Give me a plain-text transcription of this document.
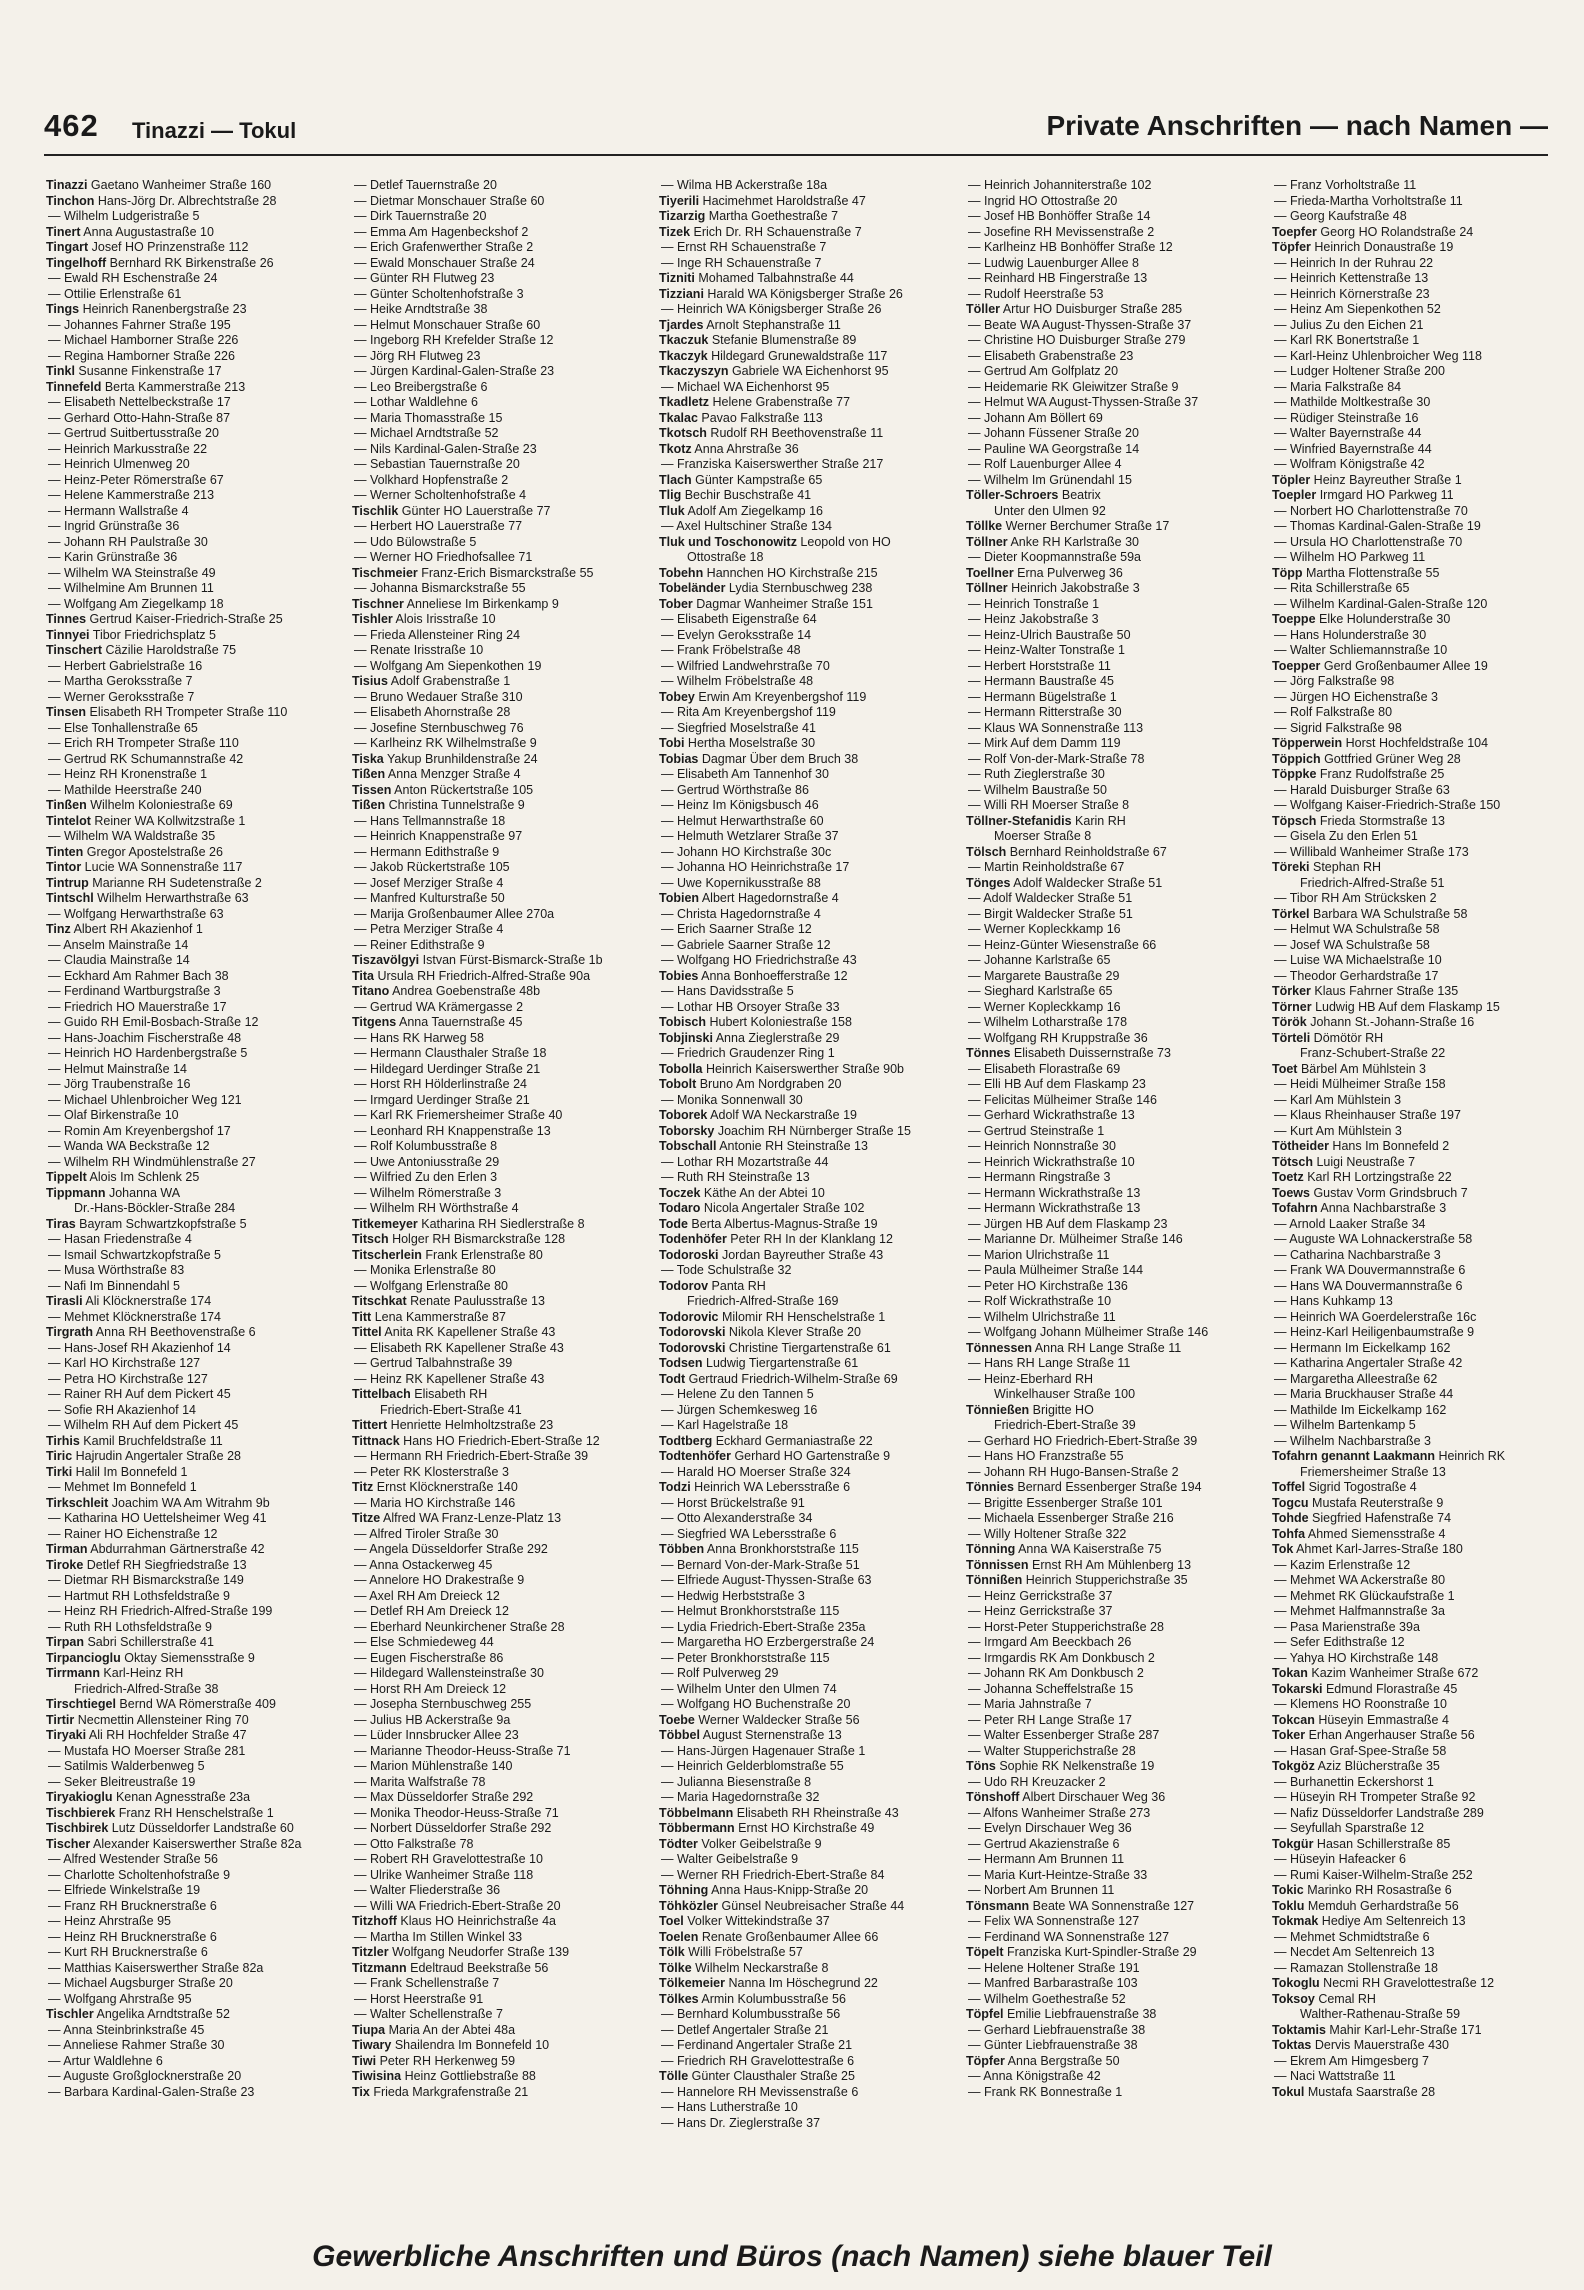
462 Tinazzi — Tokul	Private Anschriften — nach Namen —
Tinazzi Gaetano Wanheimer Straße 160
Tinchon Hans-Jörg Dr. Albrechtstraße 28
— Wilhelm Ludgeristraße 5
Tinert Anna Augustastraße 10
Tingart Josef HO Prinzenstraße 112
Tingelhoff Bernhard RK Birkenstraße 26
— Ewald RH Eschenstraße 24
— Ottilie Erlenstraße 61
Tings Heinrich Ranenbergstraße 23
— Johannes Fahrner Straße 195
— Michael Hamborner Straße 226
— Regina Hamborner Straße 226
Tinkl Susanne Finkenstraße 17
Tinnefeld Berta Kammerstraße 213
— Elisabeth Nettelbeckstraße 17
— Gerhard Otto-Hahn-Straße 87
— Gertrud Suitbertusstraße 20
— Heinrich Markusstraße 22
— Heinrich Ulmenweg 20
— Heinz-Peter Römerstraße 67
— Helene Kammerstraße 213
— Hermann Wallstraße 4
— Ingrid Grünstraße 36
— Johann RH Paulstraße 30
— Karin Grünstraße 36
— Wilhelm WA Steinstraße 49
— Wilhelmine Am Brunnen 11
— Wolfgang Am Ziegelkamp 18
Tinnes Gertrud Kaiser-Friedrich-Straße 25
Tinnyei Tibor Friedrichsplatz 5
Tinschert Cäzilie Haroldstraße 75
— Herbert Gabrielstraße 16
— Martha Geroksstraße 7
— Werner Geroksstraße 7
Tinsen Elisabeth RH Trompeter Straße 110
— Else Tonhallenstraße 65
— Erich RH Trompeter Straße 110
— Gertrud RK Schumannstraße 42
— Heinz RH Kronenstraße 1
— Mathilde Heerstraße 240
Tinßen Wilhelm Koloniestraße 69
Tintelot Reiner WA Kollwitzstraße 1
— Wilhelm WA Waldstraße 35
Tinten Gregor Apostelstraße 26
Tintor Lucie WA Sonnenstraße 117
Tintrup Marianne RH Sudetenstraße 2
Tintschl Wilhelm Herwarthstraße 63
— Wolfgang Herwarthstraße 63
Tinz Albert RH Akazienhof 1
— Anselm Mainstraße 14
— Claudia Mainstraße 14
— Eckhard Am Rahmer Bach 38
— Ferdinand Wartburgstraße 3
— Friedrich HO Mauerstraße 17
— Guido RH Emil-Bosbach-Straße 12
— Hans-Joachim Fischerstraße 48
— Heinrich HO Hardenbergstraße 5
— Helmut Mainstraße 14
— Jörg Traubenstraße 16
— Michael Uhlenbroicher Weg 121
— Olaf Birkenstraße 10
— Romin Am Kreyenbergshof 17
— Wanda WA Beckstraße 12
— Wilhelm RH Windmühlenstraße 27
Tippelt Alois Im Schlenk 25
Tippmann Johanna WA
Dr.-Hans-Böckler-Straße 284
Tiras Bayram Schwartzkopfstraße 5
— Hasan Friedenstraße 4
— Ismail Schwartzkopfstraße 5
— Musa Wörthstraße 83
— Nafi Im Binnendahl 5
Tirasli Ali Klöcknerstraße 174
— Mehmet Klöcknerstraße 174
Tirgrath Anna RH Beethovenstraße 6
— Hans-Josef RH Akazienhof 14
— Karl HO Kirchstraße 127
— Petra HO Kirchstraße 127
— Rainer RH Auf dem Pickert 45
— Sofie RH Akazienhof 14
— Wilhelm RH Auf dem Pickert 45
Tirhis Kamil Bruchfeldstraße 11
Tiric Hajrudin Angertaler Straße 28
Tirki Halil Im Bonnefeld 1
— Mehmet Im Bonnefeld 1
Tirkschleit Joachim WA Am Witrahm 9b
— Katharina HO Uettelsheimer Weg 41
— Rainer HO Eichenstraße 12
Tirman Abdurrahman Gärtnerstraße 42
Tiroke Detlef RH Siegfriedstraße 13
— Dietmar RH Bismarckstraße 149
— Hartmut RH Lothsfeldstraße 9
— Heinz RH Friedrich-Alfred-Straße 199
— Ruth RH Lothsfeldstraße 9
Tirpan Sabri Schillerstraße 41
Tirpancioglu Oktay Siemensstraße 9
Tirrmann Karl-Heinz RH
Friedrich-Alfred-Straße 38
Tirschtiegel Bernd WA Römerstraße 409
Tirtir Necmettin Allensteiner Ring 70
Tiryaki Ali RH Hochfelder Straße 47
— Mustafa HO Moerser Straße 281
— Satilmis Walderbenweg 5
— Seker Bleitreustraße 19
Tiryakioglu Kenan Agnesstraße 23a
Tischbierek Franz RH Henschelstraße 1
Tischbirek Lutz Düsseldorfer Landstraße 60
Tischer Alexander Kaiserswerther Straße 82a
— Alfred Westender Straße 56
— Charlotte Scholtenhofstraße 9
— Elfriede Winkelstraße 19
— Franz RH Brucknerstraße 6
— Heinz Ahrstraße 95
— Heinz RH Brucknerstraße 6
— Kurt RH Brucknerstraße 6
— Matthias Kaiserswerther Straße 82a
— Michael Augsburger Straße 20
— Wolfgang Ahrstraße 95
Tischler Angelika Arndtstraße 52
— Anna Steinbrinkstraße 45
— Anneliese Rahmer Straße 30
— Artur Waldlehne 6
— Auguste Großglocknerstraße 20
— Barbara Kardinal-Galen-Straße 23
— Detlef Tauernstraße 20
— Dietmar Monschauer Straße 60
— Dirk Tauernstraße 20
— Emma Am Hagenbeckshof 2
— Erich Grafenwerther Straße 2
— Ewald Monschauer Straße 24
— Günter RH Flutweg 23
— Günter Scholtenhofstraße 3
— Heike Arndtstraße 38
— Helmut Monschauer Straße 60
— Ingeborg RH Krefelder Straße 12
— Jörg RH Flutweg 23
— Jürgen Kardinal-Galen-Straße 23
— Leo Breibergstraße 6
— Lothar Waldlehne 6
— Maria Thomasstraße 15
— Michael Arndtstraße 52
— Nils Kardinal-Galen-Straße 23
— Sebastian Tauernstraße 20
— Volkhard Hopfenstraße 2
— Werner Scholtenhofstraße 4
Tischlik Günter HO Lauerstraße 77
— Herbert HO Lauerstraße 77
— Udo Bülowstraße 5
— Werner HO Friedhofsallee 71
Tischmeier Franz-Erich Bismarckstraße 55
— Johanna Bismarckstraße 55
Tischner Anneliese Im Birkenkamp 9
Tishler Alois Irisstraße 10
— Frieda Allensteiner Ring 24
— Renate Irisstraße 10
— Wolfgang Am Siepenkothen 19
Tisius Adolf Grabenstraße 1
— Bruno Wedauer Straße 310
— Elisabeth Ahornstraße 28
— Josefine Sternbuschweg 76
— Karlheinz RK Wilhelmstraße 9
Tiska Yakup Brunhildenstraße 24
Tißen Anna Menzger Straße 4
Tissen Anton Rückertstraße 105
Tißen Christina Tunnelstraße 9
— Hans Tellmannstraße 18
— Heinrich Knappenstraße 97
— Hermann Edithstraße 9
— Jakob Rückertstraße 105
— Josef Merziger Straße 4
— Manfred Kulturstraße 50
— Marija Großenbaumer Allee 270a
— Petra Merziger Straße 4
— Reiner Edithstraße 9
Tiszavölgyi Istvan Fürst-Bismarck-Straße 1b
Tita Ursula RH Friedrich-Alfred-Straße 90a
Titano Andrea Goebenstraße 48b
— Gertrud WA Krämergasse 2
Titgens Anna Tauernstraße 45
— Hans RK Harweg 58
— Hermann Clausthaler Straße 18
— Hildegard Uerdinger Straße 21
— Horst RH Hölderlinstraße 24
— Irmgard Uerdinger Straße 21
— Karl RK Friemersheimer Straße 40
— Leonhard RH Knappenstraße 13
— Rolf Kolumbusstraße 8
— Uwe Antoniusstraße 29
— Wilfried Zu den Erlen 3
— Wilhelm Römerstraße 3
— Wilhelm RH Wörthstraße 4
Titkemeyer Katharina RH Siedlerstraße 8
Titsch Holger RH Bismarckstraße 128
Titscherlein Frank Erlenstraße 80
— Monika Erlenstraße 80
— Wolfgang Erlenstraße 80
Titschkat Renate Paulusstraße 13
Titt Lena Kammerstraße 87
Tittel Anita RK Kapellener Straße 43
— Elisabeth RK Kapellener Straße 43
— Gertrud Talbahnstraße 39
— Heinz RK Kapellener Straße 43
Tittelbach Elisabeth RH
Friedrich-Ebert-Straße 41
Tittert Henriette Helmholtzstraße 23
Tittnack Hans HO Friedrich-Ebert-Straße 12
— Hermann RH Friedrich-Ebert-Straße 39
— Peter RK Klosterstraße 3
Titz Ernst Klöcknerstraße 140
— Maria HO Kirchstraße 146
Titze Alfred WA Franz-Lenze-Platz 13
— Alfred Tiroler Straße 30
— Angela Düsseldorfer Straße 292
— Anna Ostackerweg 45
— Annelore HO Drakestraße 9
— Axel RH Am Dreieck 12
— Detlef RH Am Dreieck 12
— Eberhard Neunkirchener Straße 28
— Else Schmiedeweg 44
— Eugen Fischerstraße 86
— Hildegard Wallensteinstraße 30
— Horst RH Am Dreieck 12
— Josepha Sternbuschweg 255
— Julius HB Ackerstraße 9a
— Lüder Innsbrucker Allee 23
— Marianne Theodor-Heuss-Straße 71
— Marion Mühlenstraße 140
— Marita Walfstraße 78
— Max Düsseldorfer Straße 292
— Monika Theodor-Heuss-Straße 71
— Norbert Düsseldorfer Straße 292
— Otto Falkstraße 78
— Robert RH Gravelottestraße 10
— Ulrike Wanheimer Straße 118
— Walter Fliederstraße 36
— Willi WA Friedrich-Ebert-Straße 20
Titzhoff Klaus HO Heinrichstraße 4a
— Martha Im Stillen Winkel 33
Titzler Wolfgang Neudorfer Straße 139
Titzmann Edeltraud Beekstraße 56
— Frank Schellenstraße 7
— Horst Heerstraße 91
— Walter Schellenstraße 7
Tiupa Maria An der Abtei 48a
Tiwary Shailendra Im Bonnefeld 10
Tiwi Peter RH Herkenweg 59
Tiwisina Heinz Gottliebstraße 88
Tix Frieda Markgrafenstraße 21
— Wilma HB Ackerstraße 18a
Tiyerili Hacimehmet Haroldstraße 47
Tizarzig Martha Goethestraße 7
Tizek Erich Dr. RH Schauenstraße 7
— Ernst RH Schauenstraße 7
— Inge RH Schauenstraße 7
Tizniti Mohamed Talbahnstraße 44
Tizziani Harald WA Königsberger Straße 26
— Heinrich WA Königsberger Straße 26
Tjardes Arnolt Stephanstraße 11
Tkaczuk Stefanie Blumenstraße 89
Tkaczyk Hildegard Grunewaldstraße 117
Tkaczyszyn Gabriele WA Eichenhorst 95
— Michael WA Eichenhorst 95
Tkadletz Helene Grabenstraße 77
Tkalac Pavao Falkstraße 113
Tkotsch Rudolf RH Beethovenstraße 11
Tkotz Anna Ahrstraße 36
— Franziska Kaiserswerther Straße 217
Tlach Günter Kampstraße 65
Tlig Bechir Buschstraße 41
Tluk Adolf Am Ziegelkamp 16
— Axel Hultschiner Straße 134
Tluk und Toschonowitz Leopold von HO
Ottostraße 18
Tobehn Hannchen HO Kirchstraße 215
Tobeländer Lydia Sternbuschweg 238
Tober Dagmar Wanheimer Straße 151
— Elisabeth Eigenstraße 64
— Evelyn Geroksstraße 14
— Frank Fröbelstraße 48
— Wilfried Landwehrstraße 70
— Wilhelm Fröbelstraße 48
Tobey Erwin Am Kreyenbergshof 119
— Rita Am Kreyenbergshof 119
— Siegfried Moselstraße 41
Tobi Hertha Moselstraße 30
Tobias Dagmar Über dem Bruch 38
— Elisabeth Am Tannenhof 30
— Gertrud Wörthstraße 86
— Heinz Im Königsbusch 46
— Helmut Herwarthstraße 60
— Helmuth Wetzlarer Straße 37
— Johann HO Kirchstraße 30c
— Johanna HO Heinrichstraße 17
— Uwe Kopernikusstraße 88
Tobien Albert Hagedornstraße 4
— Christa Hagedornstraße 4
— Erich Saarner Straße 12
— Gabriele Saarner Straße 12
— Wolfgang HO Friedrichstraße 43
Tobies Anna Bonhoefferstraße 12
— Hans Davidsstraße 5
— Lothar HB Orsoyer Straße 33
Tobisch Hubert Koloniestraße 158
Tobjinski Anna Zieglerstraße 29
— Friedrich Graudenzer Ring 1
Tobolla Heinrich Kaiserswerther Straße 90b
Tobolt Bruno Am Nordgraben 20
— Monika Sonnenwall 30
Toborek Adolf WA Neckarstraße 19
Toborsky Joachim RH Nürnberger Straße 15
Tobschall Antonie RH Steinstraße 13
— Lothar RH Mozartstraße 44
— Ruth RH Steinstraße 13
Toczek Käthe An der Abtei 10
Todaro Nicola Angertaler Straße 102
Tode Berta Albertus-Magnus-Straße 19
Todenhöfer Peter RH In der Klanklang 12
Todoroski Jordan Bayreuther Straße 43
— Tode Schulstraße 32
Todorov Panta RH
Friedrich-Alfred-Straße 169
Todorovic Milomir RH Henschelstraße 1
Todorovski Nikola Klever Straße 20
Todorovski Christine Tiergartenstraße 61
Todsen Ludwig Tiergartenstraße 61
Todt Gertraud Friedrich-Wilhelm-Straße 69
— Helene Zu den Tannen 5
— Jürgen Schemkesweg 16
— Karl Hagelstraße 18
Todtberg Eckhard Germaniastraße 22
Todtenhöfer Gerhard HO Gartenstraße 9
— Harald HO Moerser Straße 324
Todzi Heinrich WA Lebersstraße 6
— Horst Brückelstraße 91
— Otto Alexanderstraße 34
— Siegfried WA Lebersstraße 6
Többen Anna Bronkhorststraße 115
— Bernard Von-der-Mark-Straße 51
— Elfriede August-Thyssen-Straße 63
— Hedwig Herbststraße 3
— Helmut Bronkhorststraße 115
— Lydia Friedrich-Ebert-Straße 235a
— Margaretha HO Erzbergerstraße 24
— Peter Bronkhorststraße 115
— Rolf Pulverweg 29
— Wilhelm Unter den Ulmen 74
— Wolfgang HO Buchenstraße 20
Toebe Werner Waldecker Straße 56
Többel August Sternenstraße 13
— Hans-Jürgen Hagenauer Straße 1
— Heinrich Gelderblomstraße 55
— Julianna Biesenstraße 8
— Maria Hagedornstraße 32
Többelmann Elisabeth RH Rheinstraße 43
Többermann Ernst HO Kirchstraße 49
Tödter Volker Geibelstraße 9
— Walter Geibelstraße 9
— Werner RH Friedrich-Ebert-Straße 84
Töhning Anna Haus-Knipp-Straße 20
Töhközler Günsel Neubreisacher Straße 44
Toel Volker Wittekindstraße 37
Toelen Renate Großenbaumer Allee 66
Tölk Willi Fröbelstraße 57
Tölke Wilhelm Neckarstraße 8
Tölkemeier Nanna Im Höschegrund 22
Tölkes Armin Kolumbusstraße 56
— Bernhard Kolumbusstraße 56
— Detlef Angertaler Straße 21
— Ferdinand Angertaler Straße 21
— Friedrich RH Gravelottestraße 6
Tölle Günter Clausthaler Straße 25
— Hannelore RH Mevissenstraße 6
— Hans Lutherstraße 10
— Hans Dr. Zieglerstraße 37
— Heinrich Johanniterstraße 102
— Ingrid HO Ottostraße 20
— Josef HB Bonhöffer Straße 14
— Josefine RH Mevissenstraße 2
— Karlheinz HB Bonhöffer Straße 12
— Ludwig Lauenburger Allee 8
— Reinhard HB Fingerstraße 13
— Rudolf Heerstraße 53
Töller Artur HO Duisburger Straße 285
— Beate WA August-Thyssen-Straße 37
— Christine HO Duisburger Straße 279
— Elisabeth Grabenstraße 23
— Gertrud Am Golfplatz 20
— Heidemarie RK Gleiwitzer Straße 9
— Helmut WA August-Thyssen-Straße 37
— Johann Am Böllert 69
— Johann Füssener Straße 20
— Pauline WA Georgstraße 14
— Rolf Lauenburger Allee 4
— Wilhelm Im Grünendahl 15
Töller-Schroers Beatrix
Unter den Ulmen 92
Töllke Werner Berchumer Straße 17
Töllner Anke RH Karlstraße 30
— Dieter Koopmannstraße 59a
Toellner Erna Pulverweg 36
Töllner Heinrich Jakobstraße 3
— Heinrich Tonstraße 1
— Heinz Jakobstraße 3
— Heinz-Ulrich Baustraße 50
— Heinz-Walter Tonstraße 1
— Herbert Horststraße 11
— Hermann Baustraße 45
— Hermann Bügelstraße 1
— Hermann Ritterstraße 30
— Klaus WA Sonnenstraße 113
— Mirk Auf dem Damm 119
— Rolf Von-der-Mark-Straße 78
— Ruth Zieglerstraße 30
— Wilhelm Baustraße 50
— Willi RH Moerser Straße 8
Töllner-Stefanidis Karin RH
Moerser Straße 8
Tölsch Bernhard Reinholdstraße 67
— Martin Reinholdstraße 67
Tönges Adolf Waldecker Straße 51
— Adolf Waldecker Straße 51
— Birgit Waldecker Straße 51
— Werner Kopleckkamp 16
— Heinz-Günter Wiesenstraße 66
— Johanne Karlstraße 65
— Margarete Baustraße 29
— Sieghard Karlstraße 65
— Werner Kopleckkamp 16
— Wilhelm Lotharstraße 178
— Wolfgang RH Kruppstraße 36
Tönnes Elisabeth Duissernstraße 73
— Elisabeth Florastraße 69
— Elli HB Auf dem Flaskamp 23
— Felicitas Mülheimer Straße 146
— Gerhard Wickrathstraße 13
— Gertrud Steinstraße 1
— Heinrich Nonnstraße 30
— Heinrich Wickrathstraße 10
— Hermann Ringstraße 3
— Hermann Wickrathstraße 13
— Hermann Wickrathstraße 13
— Jürgen HB Auf dem Flaskamp 23
— Marianne Dr. Mülheimer Straße 146
— Marion Ulrichstraße 11
— Paula Mülheimer Straße 144
— Peter HO Kirchstraße 136
— Rolf Wickrathstraße 10
— Wilhelm Ulrichstraße 11
— Wolfgang Johann Mülheimer Straße 146
Tönnessen Anna RH Lange Straße 11
— Hans RH Lange Straße 11
— Heinz-Eberhard RH
Winkelhauser Straße 100
Tönnießen Brigitte HO
Friedrich-Ebert-Straße 39
— Gerhard HO Friedrich-Ebert-Straße 39
— Hans HO Franzstraße 55
— Johann RH Hugo-Bansen-Straße 2
Tönnies Bernard Essenberger Straße 194
— Brigitte Essenberger Straße 101
— Michaela Essenberger Straße 216
— Willy Holtener Straße 322
Tönning Anna WA Kaiserstraße 75
Tönnissen Ernst RH Am Mühlenberg 13
Tönnißen Heinrich Stupperichstraße 35
— Heinz Gerrickstraße 37
— Heinz Gerrickstraße 37
— Horst-Peter Stupperichstraße 28
— Irmgard Am Beeckbach 26
— Irmgardis RK Am Donkbusch 2
— Johann RK Am Donkbusch 2
— Johanna Scheffelstraße 15
— Maria Jahnstraße 7
— Peter RH Lange Straße 17
— Walter Essenberger Straße 287
— Walter Stupperichstraße 28
Töns Sophie RK Nelkenstraße 19
— Udo RH Kreuzacker 2
Tönshoff Albert Dirschauer Weg 36
— Alfons Wanheimer Straße 273
— Evelyn Dirschauer Weg 36
— Gertrud Akazienstraße 6
— Hermann Am Brunnen 11
— Maria Kurt-Heintze-Straße 33
— Norbert Am Brunnen 11
Tönsmann Beate WA Sonnenstraße 127
— Felix WA Sonnenstraße 127
— Ferdinand WA Sonnenstraße 127
Töpelt Franziska Kurt-Spindler-Straße 29
— Helene Holtener Straße 191
— Manfred Barbarastraße 103
— Wilhelm Goethestraße 52
Töpfel Emilie Liebfrauenstraße 38
— Gerhard Liebfrauenstraße 38
— Günter Liebfrauenstraße 38
Töpfer Anna Bergstraße 50
— Anna Königstraße 42
— Frank RK Bonnestraße 1
— Franz Vorholtstraße 11
— Frieda-Martha Vorholtstraße 11
— Georg Kaufstraße 48
Toepfer Georg HO Rolandstraße 24
Töpfer Heinrich Donaustraße 19
— Heinrich In der Ruhrau 22
— Heinrich Kettenstraße 13
— Heinrich Körnerstraße 23
— Heinz Am Siepenkothen 52
— Julius Zu den Eichen 21
— Karl RK Bonertstraße 1
— Karl-Heinz Uhlenbroicher Weg 118
— Ludger Holtener Straße 200
— Maria Falkstraße 84
— Mathilde Moltkestraße 30
— Rüdiger Steinstraße 16
— Walter Bayernstraße 44
— Winfried Bayernstraße 44
— Wolfram Königstraße 42
Töpler Heinz Bayreuther Straße 1
Toepler Irmgard HO Parkweg 11
— Norbert HO Charlottenstraße 70
— Thomas Kardinal-Galen-Straße 19
— Ursula HO Charlottenstraße 70
— Wilhelm HO Parkweg 11
Töpp Martha Flottenstraße 55
— Rita Schillerstraße 65
— Wilhelm Kardinal-Galen-Straße 120
Toeppe Elke Holunderstraße 30
— Hans Holunderstraße 30
— Walter Schliemannstraße 10
Toepper Gerd Großenbaumer Allee 19
— Jörg Falkstraße 98
— Jürgen HO Eichenstraße 3
— Rolf Falkstraße 80
— Sigrid Falkstraße 98
Töpperwein Horst Hochfeldstraße 104
Töppich Gottfried Grüner Weg 28
Töppke Franz Rudolfstraße 25
— Harald Duisburger Straße 63
— Wolfgang Kaiser-Friedrich-Straße 150
Töpsch Frieda Stormstraße 13
— Gisela Zu den Erlen 51
— Willibald Wanheimer Straße 173
Töreki Stephan RH
Friedrich-Alfred-Straße 51
— Tibor RH Am Strücksken 2
Törkel Barbara WA Schulstraße 58
— Helmut WA Schulstraße 58
— Josef WA Schulstraße 58
— Luise WA Michaelstraße 10
— Theodor Gerhardstraße 17
Törker Klaus Fahrner Straße 135
Törner Ludwig HB Auf dem Flaskamp 15
Török Johann St.-Johann-Straße 16
Törteli Dömötör RH
Franz-Schubert-Straße 22
Toet Bärbel Am Mühlstein 3
— Heidi Mülheimer Straße 158
— Karl Am Mühlstein 3
— Klaus Rheinhauser Straße 197
— Kurt Am Mühlstein 3
Tötheider Hans Im Bonnefeld 2
Tötsch Luigi Neustraße 7
Toetz Karl RH Lortzingstraße 22
Toews Gustav Vorm Grindsbruch 7
Tofahrn Anna Nachbarstraße 3
— Arnold Laaker Straße 34
— Auguste WA Lohnackerstraße 58
— Catharina Nachbarstraße 3
— Frank WA Douvermannstraße 6
— Hans WA Douvermannstraße 6
— Hans Kuhkamp 13
— Heinrich WA Goerdelerstraße 16c
— Heinz-Karl Heiligenbaumstraße 9
— Hermann Im Eickelkamp 162
— Katharina Angertaler Straße 42
— Margaretha Alleestraße 62
— Maria Bruckhauser Straße 44
— Mathilde Im Eickelkamp 162
— Wilhelm Bartenkamp 5
— Wilhelm Nachbarstraße 3
Tofahrn genannt Laakmann Heinrich RK
Friemersheimer Straße 13
Toffel Sigrid Togostraße 4
Togcu Mustafa Reuterstraße 9
Tohde Siegfried Hafenstraße 74
Tohfa Ahmed Siemensstraße 4
Tok Ahmet Karl-Jarres-Straße 180
— Kazim Erlenstraße 12
— Mehmet WA Ackerstraße 80
— Mehmet RK Glückaufstraße 1
— Mehmet Halfmannstraße 3a
— Pasa Marienstraße 39a
— Sefer Edithstraße 12
— Yahya HO Kirchstraße 148
Tokan Kazim Wanheimer Straße 672
Tokarski Edmund Florastraße 45
— Klemens HO Roonstraße 10
Tokcan Hüseyin Emmastraße 4
Toker Erhan Angerhauser Straße 56
— Hasan Graf-Spee-Straße 58
Tokgöz Aziz Blücherstraße 35
— Burhanettin Eckershorst 1
— Hüseyin RH Trompeter Straße 92
— Nafiz Düsseldorfer Landstraße 289
— Seyfullah Sparstraße 12
Tokgür Hasan Schillerstraße 85
— Hüseyin Hafeacker 6
— Rumi Kaiser-Wilhelm-Straße 252
Tokic Marinko RH Rosastraße 6
Toklu Memduh Gerhardstraße 56
Tokmak Hediye Am Seltenreich 13
— Mehmet Schmidtstraße 6
— Necdet Am Seltenreich 13
— Ramazan Stollenstraße 18
Tokoglu Necmi RH Gravelottestraße 12
Toksoy Cemal RH
Walther-Rathenau-Straße 59
Toktamis Mahir Karl-Lehr-Straße 171
Toktas Dervis Mauerstraße 430
— Ekrem Am Himgesberg 7
— Naci Wattstraße 11
Tokul Mustafa Saarstraße 28
Gewerbliche Anschriften und Büros (nach Namen) siehe blauer Teil
